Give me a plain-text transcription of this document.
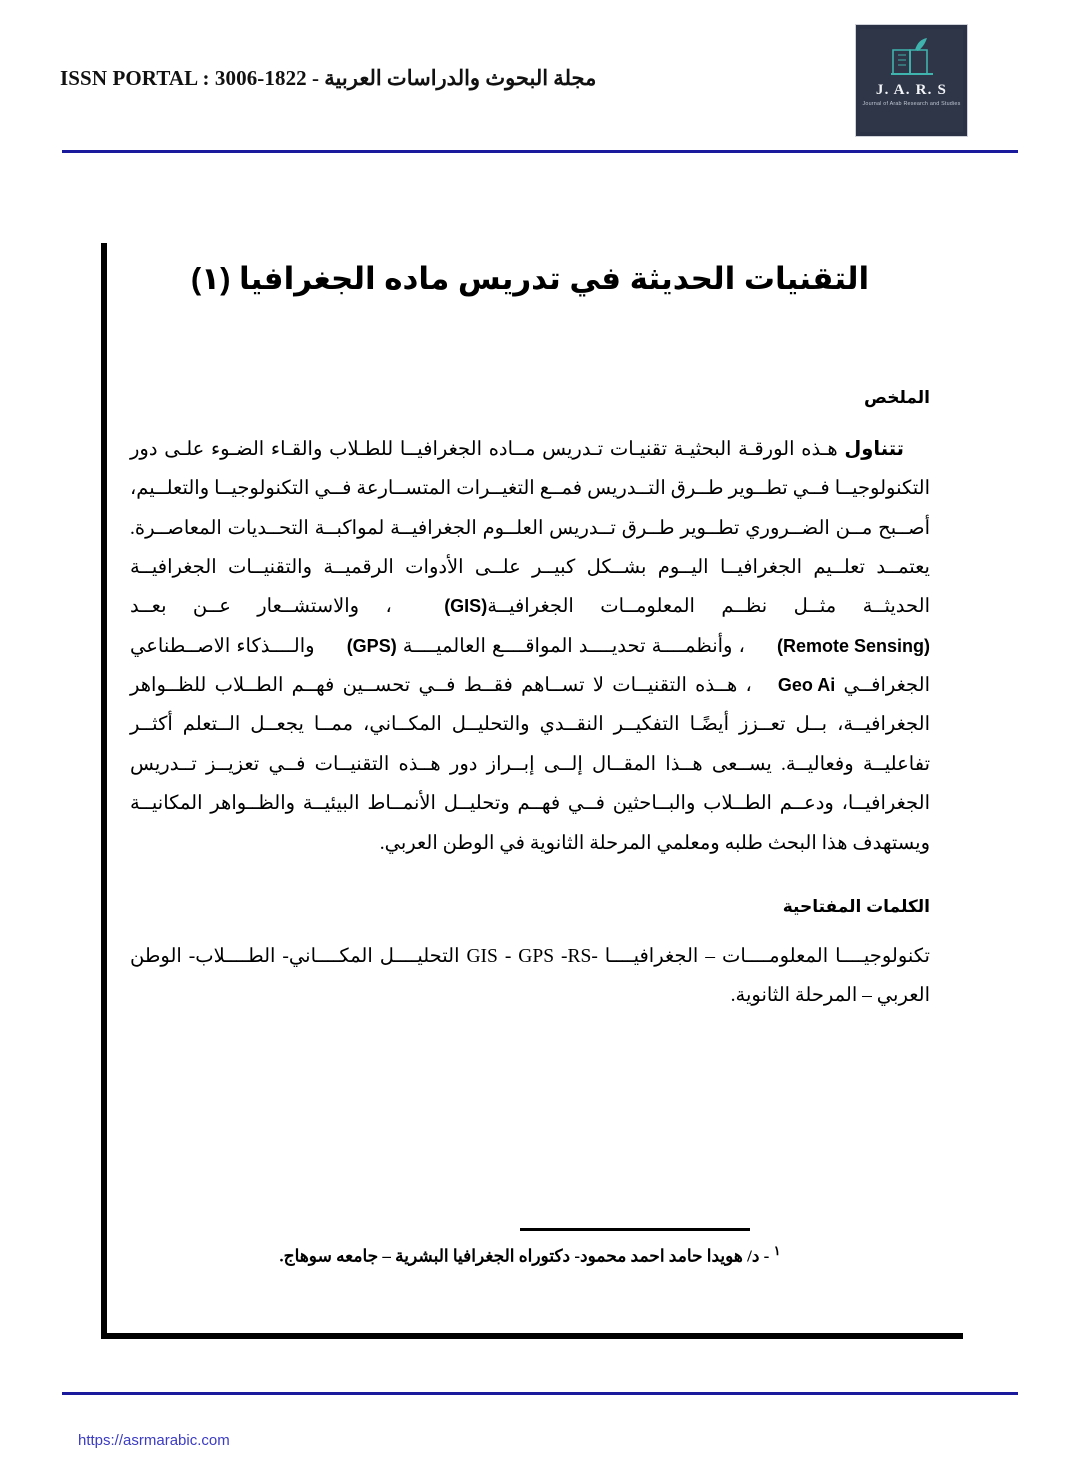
مجلة البحوث والدراسات العربية - ISSN PORTAL : 3006-1822	J. A. R. S
Journal of Arab Research and Studies
التقنيات الحديثة في تدريس ماده الجغرافيا (١)
الملخص

تتناول هـذه الورقـة البحثيـة تقنيـات تـدريس مــاده الجغرافيــا للطـلاب والقـاء الضـوء علـى دور التكنولوجيــا فــي تطــوير طــرق التــدريس فمــع التغيــرات المتســارعة فــي التكنولوجيــا والتعلــيم، أصــبح مــن الضــروري تطــوير طــرق تــدريس العلــوم الجغرافيــة لمواكبــة التحــديات المعاصــرة. يعتمــد تعلــيم الجغرافيــا اليــوم بشــكل كبيــر علــى الأدوات الرقميــة والتقنيــات الجغرافيــة الحديثــة مثــل نظــم المعلومــات الجغرافيــة(GIS) ، والاستشــعار عــن بعــد(Remote Sensing) ، وأنظمــــة تحديــــد المواقــــع العالميــــة (GPS) والــــذكاء الاصــطناعي الجغرافــي Geo Ai، هــذه التقنيــات لا تســاهم فقــط فــي تحســين فهــم الطــلاب للظــواهر الجغرافيــة، بــل تعــزز أيضًـا التفكيــر النقــدي والتحليــل المكــاني، ممــا يجعــل الــتعلم أكثــر تفاعليــة وفعاليــة. يســعى هــذا المقــال إلــى إبــراز دور هــذه التقنيــات فــي تعزيــز تــدريس الجغرافيــا، ودعــم الطــلاب والبــاحثين فــي فهــم وتحليــل الأنمــاط البيئيــة والظــواهر المكانيــة ويستهدف هذا البحث طلبه ومعلمي المرحلة الثانوية في الوطن العربي.

الكلمات المفتاحية

تكنولوجيــــا المعلومــــات – الجغرافيــــا -GIS - GPS -RS التحليــــل المكــــاني- الطــــلاب- الوطن العربي – المرحلة الثانوية.

$^١$ - د/ هويدا حامد احمد محمود- دكتوراه الجغرافيا البشرية – جامعه سوهاج.

https://asrmarabic.com
